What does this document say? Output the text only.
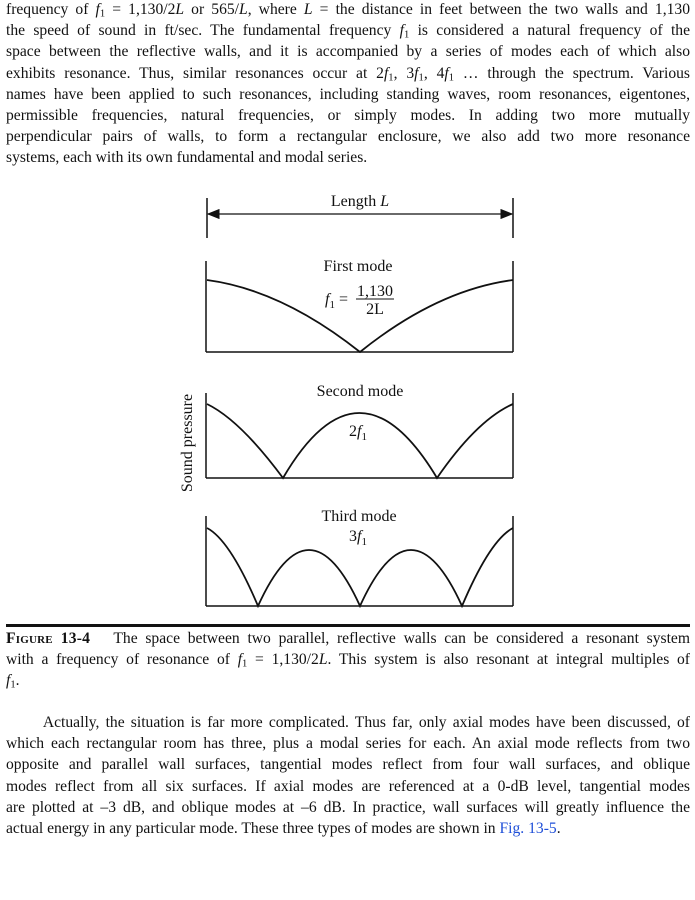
frequency of $f_1 = 1,130/2L$ or 565/L, where L = the distance in feet between the two walls and 1,130
the speed of sound in ft/sec. The fundamental frequency $f_1$ is considered a natural frequency of the
space between the reflective walls, and it is accompanied by a series of modes each of which also
exhibits resonance. Thus, similar resonances occur at $2f_1$, $3f_1$, $4f_1$ … through the spectrum. Various
names have been applied to such resonances, including standing waves, room resonances, eigentones,
permissible frequencies, natural frequencies, or simply modes. In adding two more mutually
perpendicular pairs of walls, to form a rectangular enclosure, we also add two more resonance
systems, each with its own fundamental and modal series.
Length L
Sound pressure
First mode
$f_1 = 1,130$
2L
Second mode
$2f_1$
Third mode
$3f_1$
Figure 13-4 The space between two parallel, reflective walls can be considered a resonant system
with a frequency of resonance of $f_1 = 1,130/2L$. This system is also resonant at integral multiples of
$f_1$.
Actually, the situation is far more complicated. Thus far, only axial modes have been discussed, of
which each rectangular room has three, plus a modal series for each. An axial mode reflects from two
opposite and parallel wall surfaces, tangential modes reflect from four wall surfaces, and oblique
modes reflect from all six surfaces. If axial modes are referenced at a 0-dB level, tangential modes
are plotted at –3 dB, and oblique modes at –6 dB. In practice, wall surfaces will greatly influence the
actual energy in any particular mode. These three types of modes are shown in Fig. 13-5.
